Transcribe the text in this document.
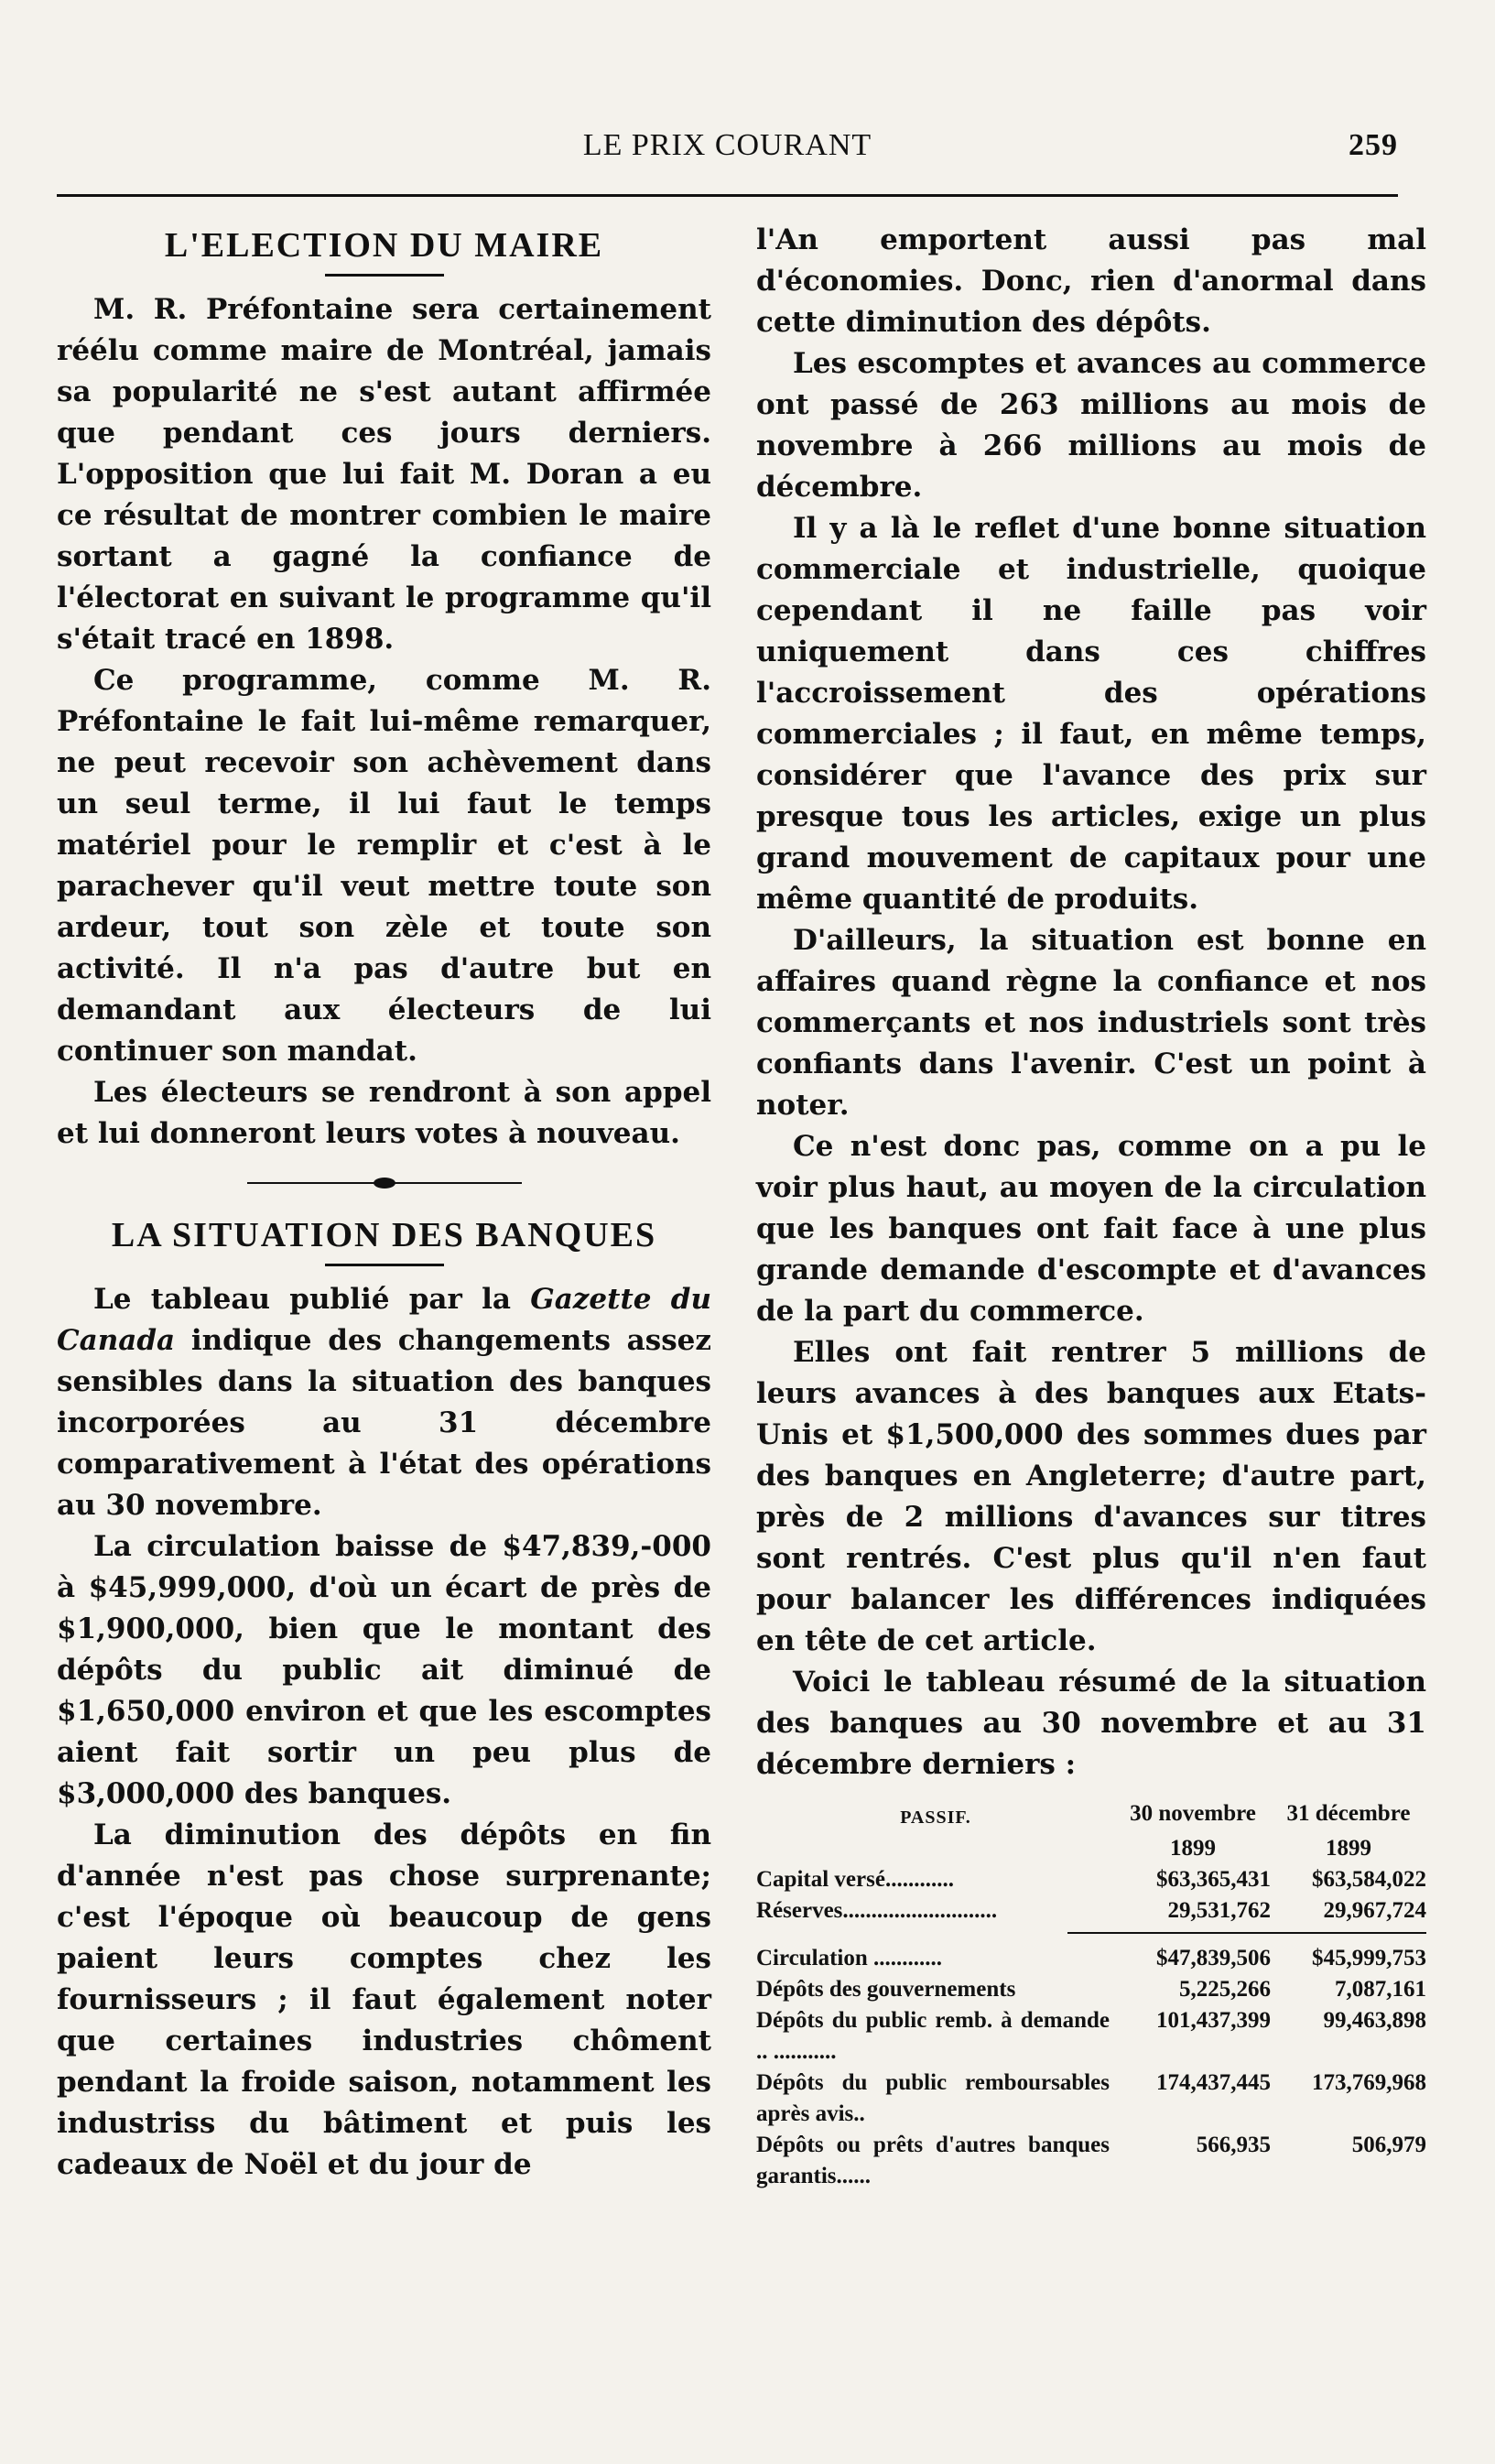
LE PRIX COURANT	259
L'ELECTION DU MAIRE

M. R. Préfontaine sera certainement réélu comme maire de Montréal, jamais sa popularité ne s'est autant affirmée que pendant ces jours derniers. L'opposition que lui fait M. Doran a eu ce résultat de montrer combien le maire sortant a gagné la confiance de l'électorat en suivant le programme qu'il s'était tracé en 1898.

Ce programme, comme M. R. Préfontaine le fait lui-même remarquer, ne peut recevoir son achèvement dans un seul terme, il lui faut le temps matériel pour le remplir et c'est à le parachever qu'il veut mettre toute son ardeur, tout son zèle et toute son activité. Il n'a pas d'autre but en demandant aux électeurs de lui continuer son mandat.

Les électeurs se rendront à son appel et lui donneront leurs votes à nouveau.

LA SITUATION DES BANQUES

Le tableau publié par la Gazette du Canada indique des changements assez sensibles dans la situation des banques incorporées au 31 décembre comparativement à l'état des opérations au 30 novembre.

La circulation baisse de $47,839,-000 à $45,999,000, d'où un écart de près de $1,900,000, bien que le montant des dépôts du public ait diminué de $1,650,000 environ et que les escomptes aient fait sortir un peu plus de $3,000,000 des banques.

La diminution des dépôts en fin d'année n'est pas chose surprenante; c'est l'époque où beaucoup de gens paient leurs comptes chez les fournisseurs ; il faut également noter que certaines industries chôment pendant la froide saison, notamment les industriss du bâtiment et puis les cadeaux de Noël et du jour de

l'An emportent aussi pas mal d'économies. Donc, rien d'anormal dans cette diminution des dépôts.

Les escomptes et avances au commerce ont passé de 263 millions au mois de novembre à 266 millions au mois de décembre.

Il y a là le reflet d'une bonne situation commerciale et industrielle, quoique cependant il ne faille pas voir uniquement dans ces chiffres l'accroissement des opérations commerciales ; il faut, en même temps, considérer que l'avance des prix sur presque tous les articles, exige un plus grand mouvement de capitaux pour une même quantité de produits.

D'ailleurs, la situation est bonne en affaires quand règne la confiance et nos commerçants et nos industriels sont très confiants dans l'avenir. C'est un point à noter.

Ce n'est donc pas, comme on a pu le voir plus haut, au moyen de la circulation que les banques ont fait face à une plus grande demande d'escompte et d'avances de la part du commerce.

Elles ont fait rentrer 5 millions de leurs avances à des banques aux Etats-Unis et $1,500,000 des sommes dues par des banques en Angleterre; d'autre part, près de 2 millions d'avances sur titres sont rentrés. C'est plus qu'il n'en faut pour balancer les différences indiquées en tête de cet article.

Voici le tableau résumé de la situation des banques au 30 novembre et au 31 décembre derniers :

PASSIF.	30 novembre	31 décembre
1899	1899
Capital versé............	$63,365,431	$63,584,022
Réserves...........................	29,531,762	29,967,724
Circulation ............	$47,839,506	$45,999,753
Dépôts des gouvernements	5,225,266	7,087,161
Dépôts du public remb. à demande .. ...........
101,437,399	99,463,898
Dépôts du public remboursables après avis..
174,437,445	173,769,968
Dépôts ou prêts d'autres banques garantis......
566,935	506,979
